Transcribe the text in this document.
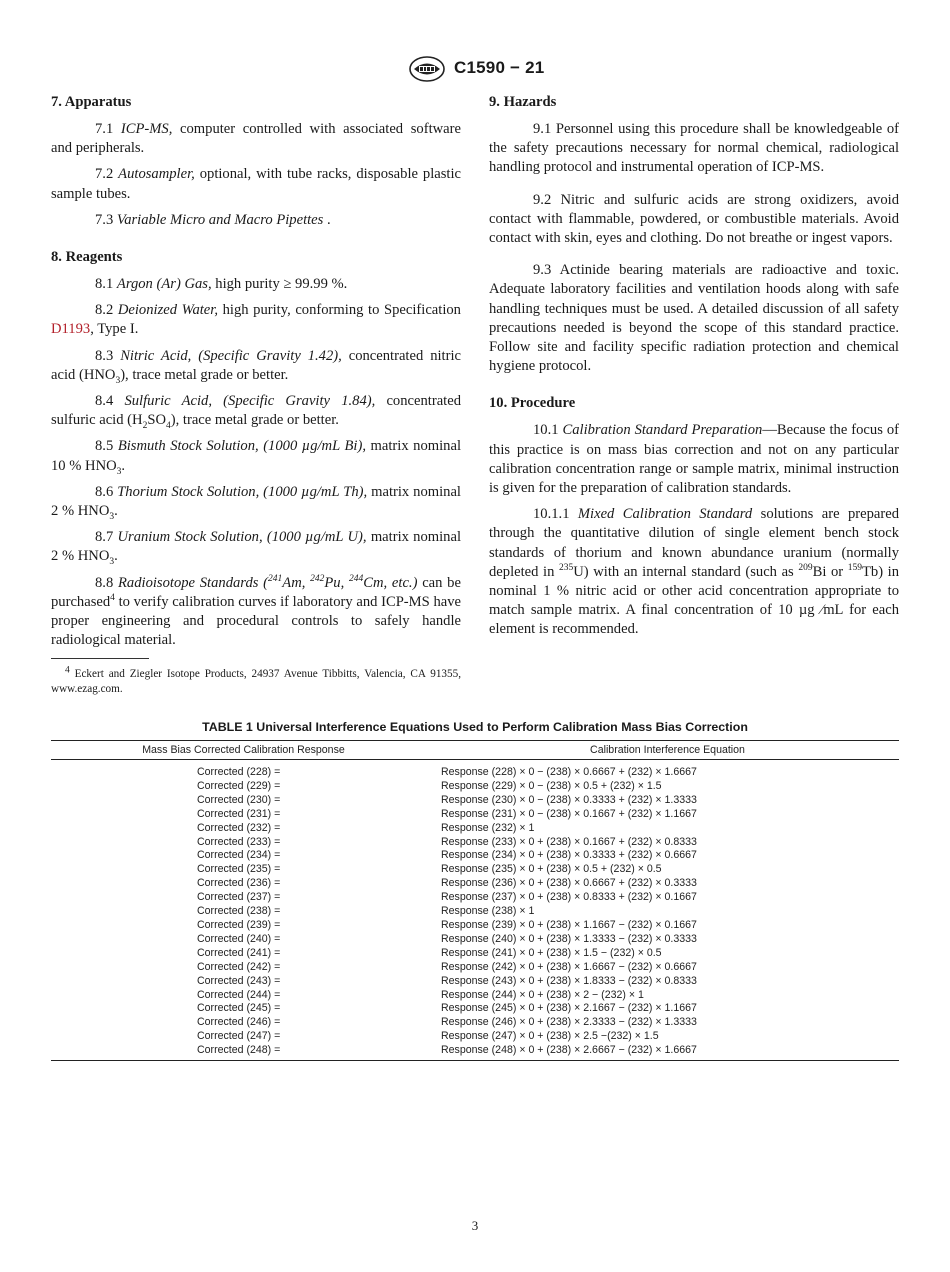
C1590 − 21
7. Apparatus

7.1 ICP-MS, computer controlled with associated software and peripherals.

7.2 Autosampler, optional, with tube racks, disposable plastic sample tubes.

7.3 Variable Micro and Macro Pipettes .

8. Reagents

8.1 Argon (Ar) Gas, high purity ≥ 99.99 %.

8.2 Deionized Water, high purity, conforming to Specification D1193, Type I.

8.3 Nitric Acid, (Specific Gravity 1.42), concentrated nitric acid $(HNO_3)$, trace metal grade or better.

8.4 Sulfuric Acid, (Specific Gravity 1.84), concentrated sulfuric acid $(H_2SO_4)$, trace metal grade or better.

8.5 Bismuth Stock Solution, (1000 µg/mL Bi), matrix nominal 10 % $HNO_3$.

8.6 Thorium Stock Solution, (1000 µg/mL Th), matrix nominal 2 % $HNO_3$.

8.7 Uranium Stock Solution, (1000 µg/mL U), matrix nominal 2 % $HNO_3$.

8.8 Radioisotope Standards ($^{241}$Am, $^{242}$Pu, $^{244}$Cm, etc.) can be purchased$^4$ to verify calibration curves if laboratory and ICP-MS have proper engineering and procedural controls to safely handle radiological material.

$^4$ Eckert and Ziegler Isotope Products, 24937 Avenue Tibbitts, Valencia, CA 91355, www.ezag.com.
9. Hazards

9.1 Personnel using this procedure shall be knowledgeable of the safety precautions necessary for normal chemical, radiological handling protocol and instrumental operation of ICP-MS.

9.2 Nitric and sulfuric acids are strong oxidizers, avoid contact with flammable, powdered, or combustible materials. Avoid contact with skin, eyes and clothing. Do not breathe or ingest vapors.

9.3 Actinide bearing materials are radioactive and toxic. Adequate laboratory facilities and ventilation hoods along with safe handling techniques must be used. A detailed discussion of all safety precautions needed is beyond the scope of this standard practice. Follow site and facility specific radiation protection and chemical hygiene protocol.

10. Procedure

10.1 Calibration Standard Preparation—Because the focus of this practice is on mass bias correction and not on any particular calibration concentration range or sample matrix, minimal instruction is given for the preparation of calibration standards.

10.1.1 Mixed Calibration Standard solutions are prepared through the quantitative dilution of single element bench stock standards of thorium and known abundance uranium (normally depleted in $^{235}$U) with an internal standard (such as $^{209}$Bi or $^{159}$Tb) in nominal 1 % nitric acid or other acid concentration appropriate to match sample matrix. A final concentration of 10 µg ⁄mL for each element is recommended.

TABLE 1 Universal Interference Equations Used to Perform Calibration Mass Bias Correction
Mass Bias Corrected Calibration Response	Calibration Interference Equation
Corrected (228) =	Response (228) × 0 − (238) × 0.6667 + (232) × 1.6667
Corrected (229) =	Response (229) × 0 − (238) × 0.5 + (232) × 1.5
Corrected (230) =	Response (230) × 0 − (238) × 0.3333 + (232) × 1.3333
Corrected (231) =	Response (231) × 0 − (238) × 0.1667 + (232) × 1.1667
Corrected (232) =	Response (232) × 1
Corrected (233) =	Response (233) × 0 + (238) × 0.1667 + (232) × 0.8333
Corrected (234) =	Response (234) × 0 + (238) × 0.3333 + (232) × 0.6667
Corrected (235) =	Response (235) × 0 + (238) × 0.5 + (232) × 0.5
Corrected (236) =	Response (236) × 0 + (238) × 0.6667 + (232) × 0.3333
Corrected (237) =	Response (237) × 0 + (238) × 0.8333 + (232) × 0.1667
Corrected (238) =	Response (238) × 1
Corrected (239) =	Response (239) × 0 + (238) × 1.1667 − (232) × 0.1667
Corrected (240) =	Response (240) × 0 + (238) × 1.3333 − (232) × 0.3333
Corrected (241) =	Response (241) × 0 + (238) × 1.5 − (232) × 0.5
Corrected (242) =	Response (242) × 0 + (238) × 1.6667 − (232) × 0.6667
Corrected (243) =	Response (243) × 0 + (238) × 1.8333 − (232) × 0.8333
Corrected (244) =	Response (244) × 0 + (238) × 2 − (232) × 1
Corrected (245) =	Response (245) × 0 + (238) × 2.1667 − (232) × 1.1667
Corrected (246) =	Response (246) × 0 + (238) × 2.3333 − (232) × 1.3333
Corrected (247) =	Response (247) × 0 + (238) × 2.5 −(232) × 1.5
Corrected (248) =	Response (248) × 0 + (238) × 2.6667 − (232) × 1.6667
3
